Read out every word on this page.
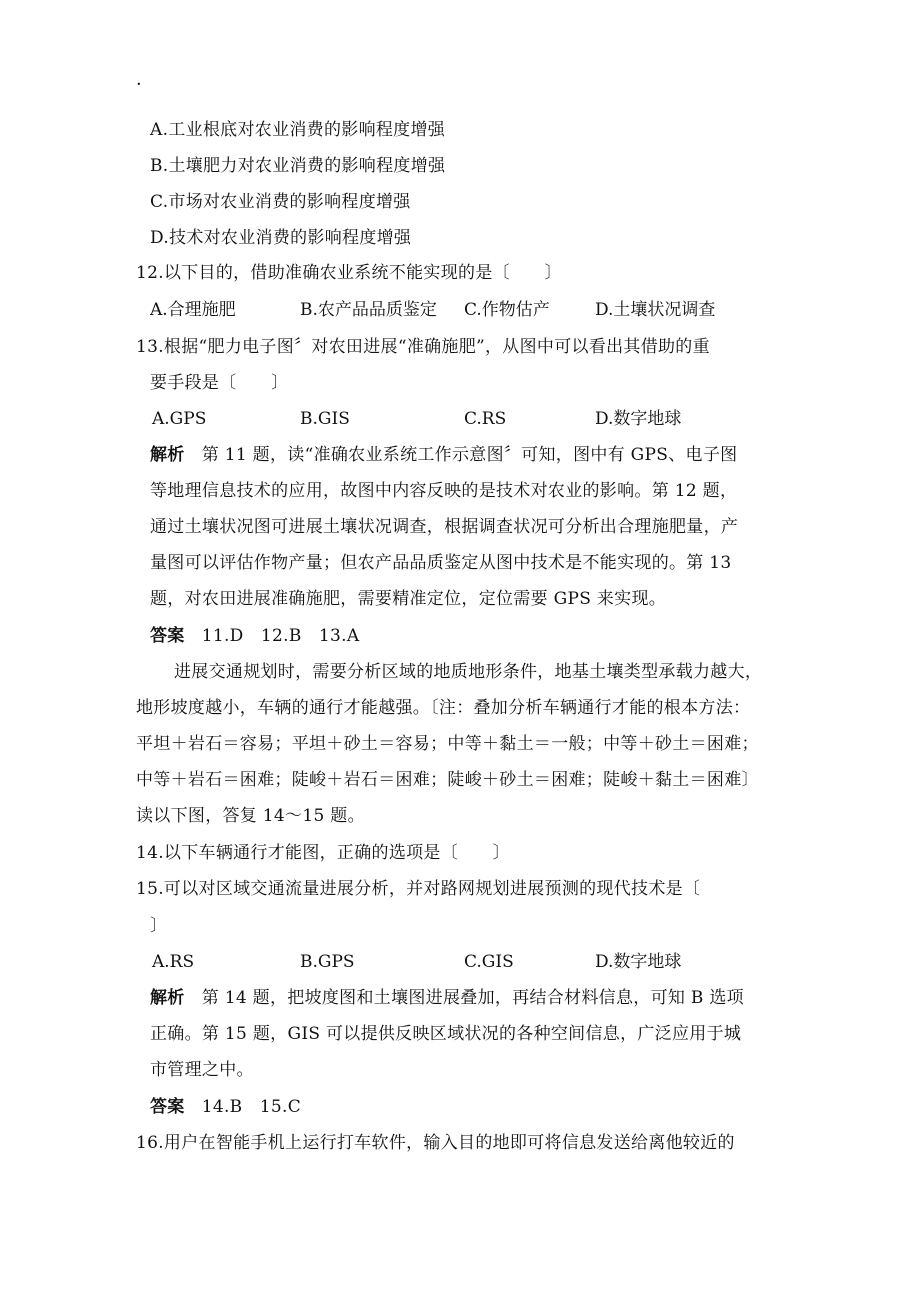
·
A.工业根底对农业消费的影响程度增强
B.土壤肥力对农业消费的影响程度增强
C.市场对农业消费的影响程度增强
D.技术对农业消费的影响程度增强
12.以下目的，借助准确农业系统不能实现的是〔　　〕
A.合理施肥	B.农产品品质鉴定 C.作物估产	D.土壤状况调查
13.根据“肥力电子图〞对农田进展“准确施肥”，从图中可以看出其借助的重
要手段是〔　　〕
A.GPS	B.GIS	C.RS	D.数字地球
解析 第 11 题，读“准确农业系统工作示意图〞可知，图中有 GPS、电子图
等地理信息技术的应用，故图中内容反映的是技术对农业的影响。第 12 题，
通过土壤状况图可进展土壤状况调查，根据调查状况可分析出合理施肥量，产
量图可以评估作物产量；但农产品品质鉴定从图中技术是不能实现的。第 13
题，对农田进展准确施肥，需要精准定位，定位需要 GPS 来实现。
答案 11.D　12.B　13.A
进展交通规划时，需要分析区域的地质地形条件，地基土壤类型承载力越大，
地形坡度越小，车辆的通行才能越强。〔注：叠加分析车辆通行才能的根本方法：
平坦＋岩石＝容易；平坦＋砂土＝容易；中等＋黏土＝一般；中等＋砂土＝困难；
中等＋岩石＝困难；陡峻＋岩石＝困难；陡峻＋砂土＝困难；陡峻＋黏土＝困难〕
读以下图，答复 14～15 题。
14.以下车辆通行才能图，正确的选项是〔　　〕
15.可以对区域交通流量进展分析，并对路网规划进展预测的现代技术是〔
〕
A.RS	B.GPS	C.GIS	D.数字地球
解析 第 14 题，把坡度图和土壤图进展叠加，再结合材料信息，可知 B 选项
正确。第 15 题，GIS 可以提供反映区域状况的各种空间信息，广泛应用于城
市管理之中。
答案 14.B　15.C
16.用户在智能手机上运行打车软件，输入目的地即可将信息发送给离他较近的
